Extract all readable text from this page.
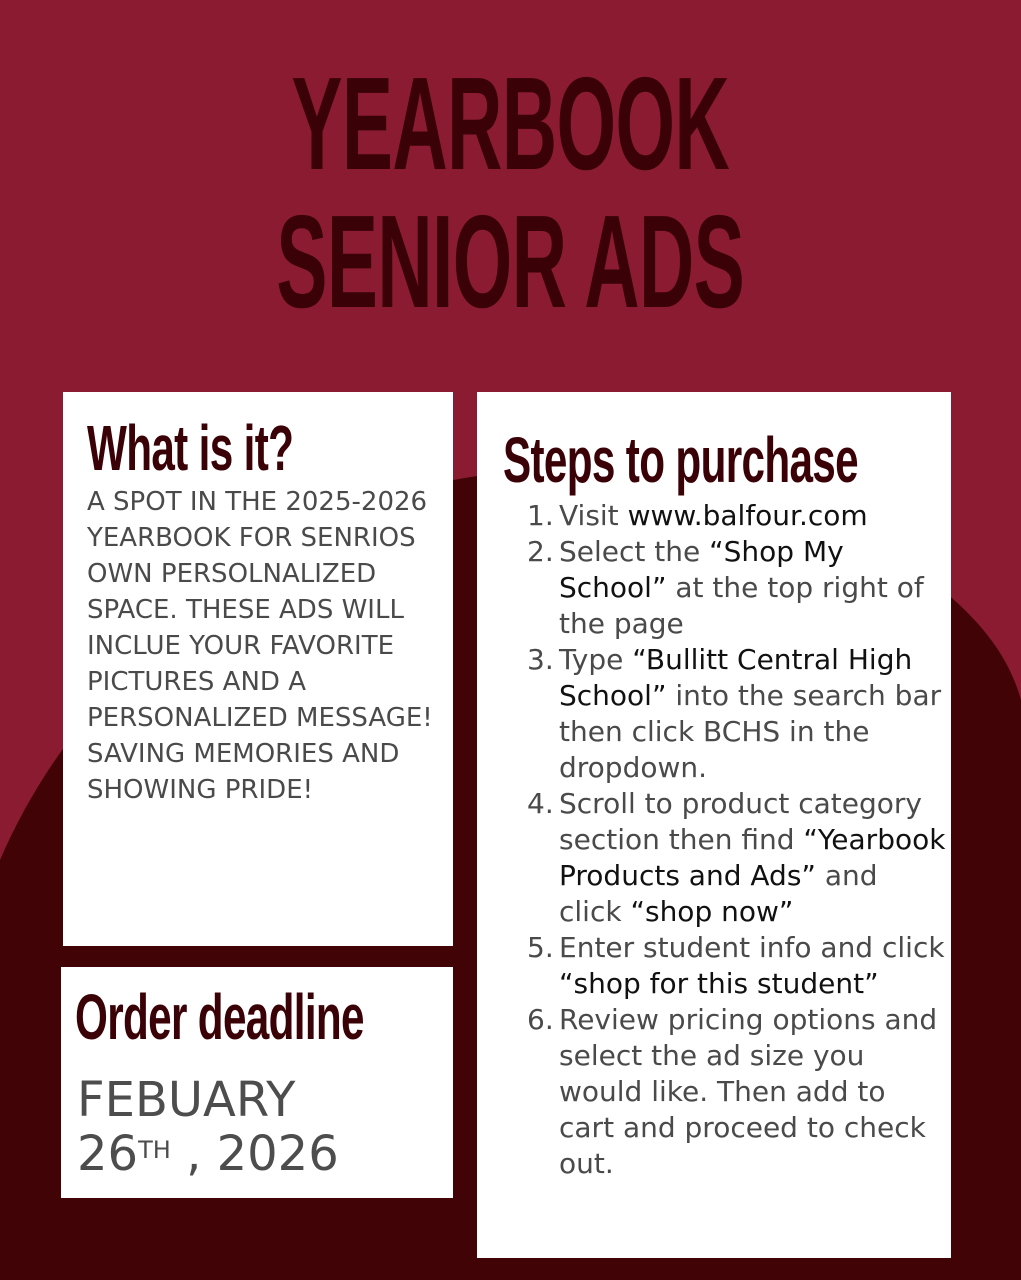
YEARBOOK
SENIOR ADS
What is it?

A SPOT IN THE 2025-2026 YEARBOOK FOR SENRIOS OWN PERSOLNALIZED SPACE. THESE ADS WILL INCLUE YOUR FAVORITE PICTURES AND A PERSONALIZED MESSAGE! SAVING MEMORIES AND SHOWING PRIDE!

Order deadline
FEBUARY
26TH , 2026
Steps to purchase
1. Visit www.balfour.com
2. Select the “Shop My School” at the top right of the page
3. Type “Bullitt Central High School” into the search bar then click BCHS in the dropdown.
4. Scroll to product category section then find “Yearbook Products and Ads” and click “shop now”
5. Enter student info and click “shop for this student”
6. Review pricing options and select the ad size you would like. Then add to cart and proceed to check out.
